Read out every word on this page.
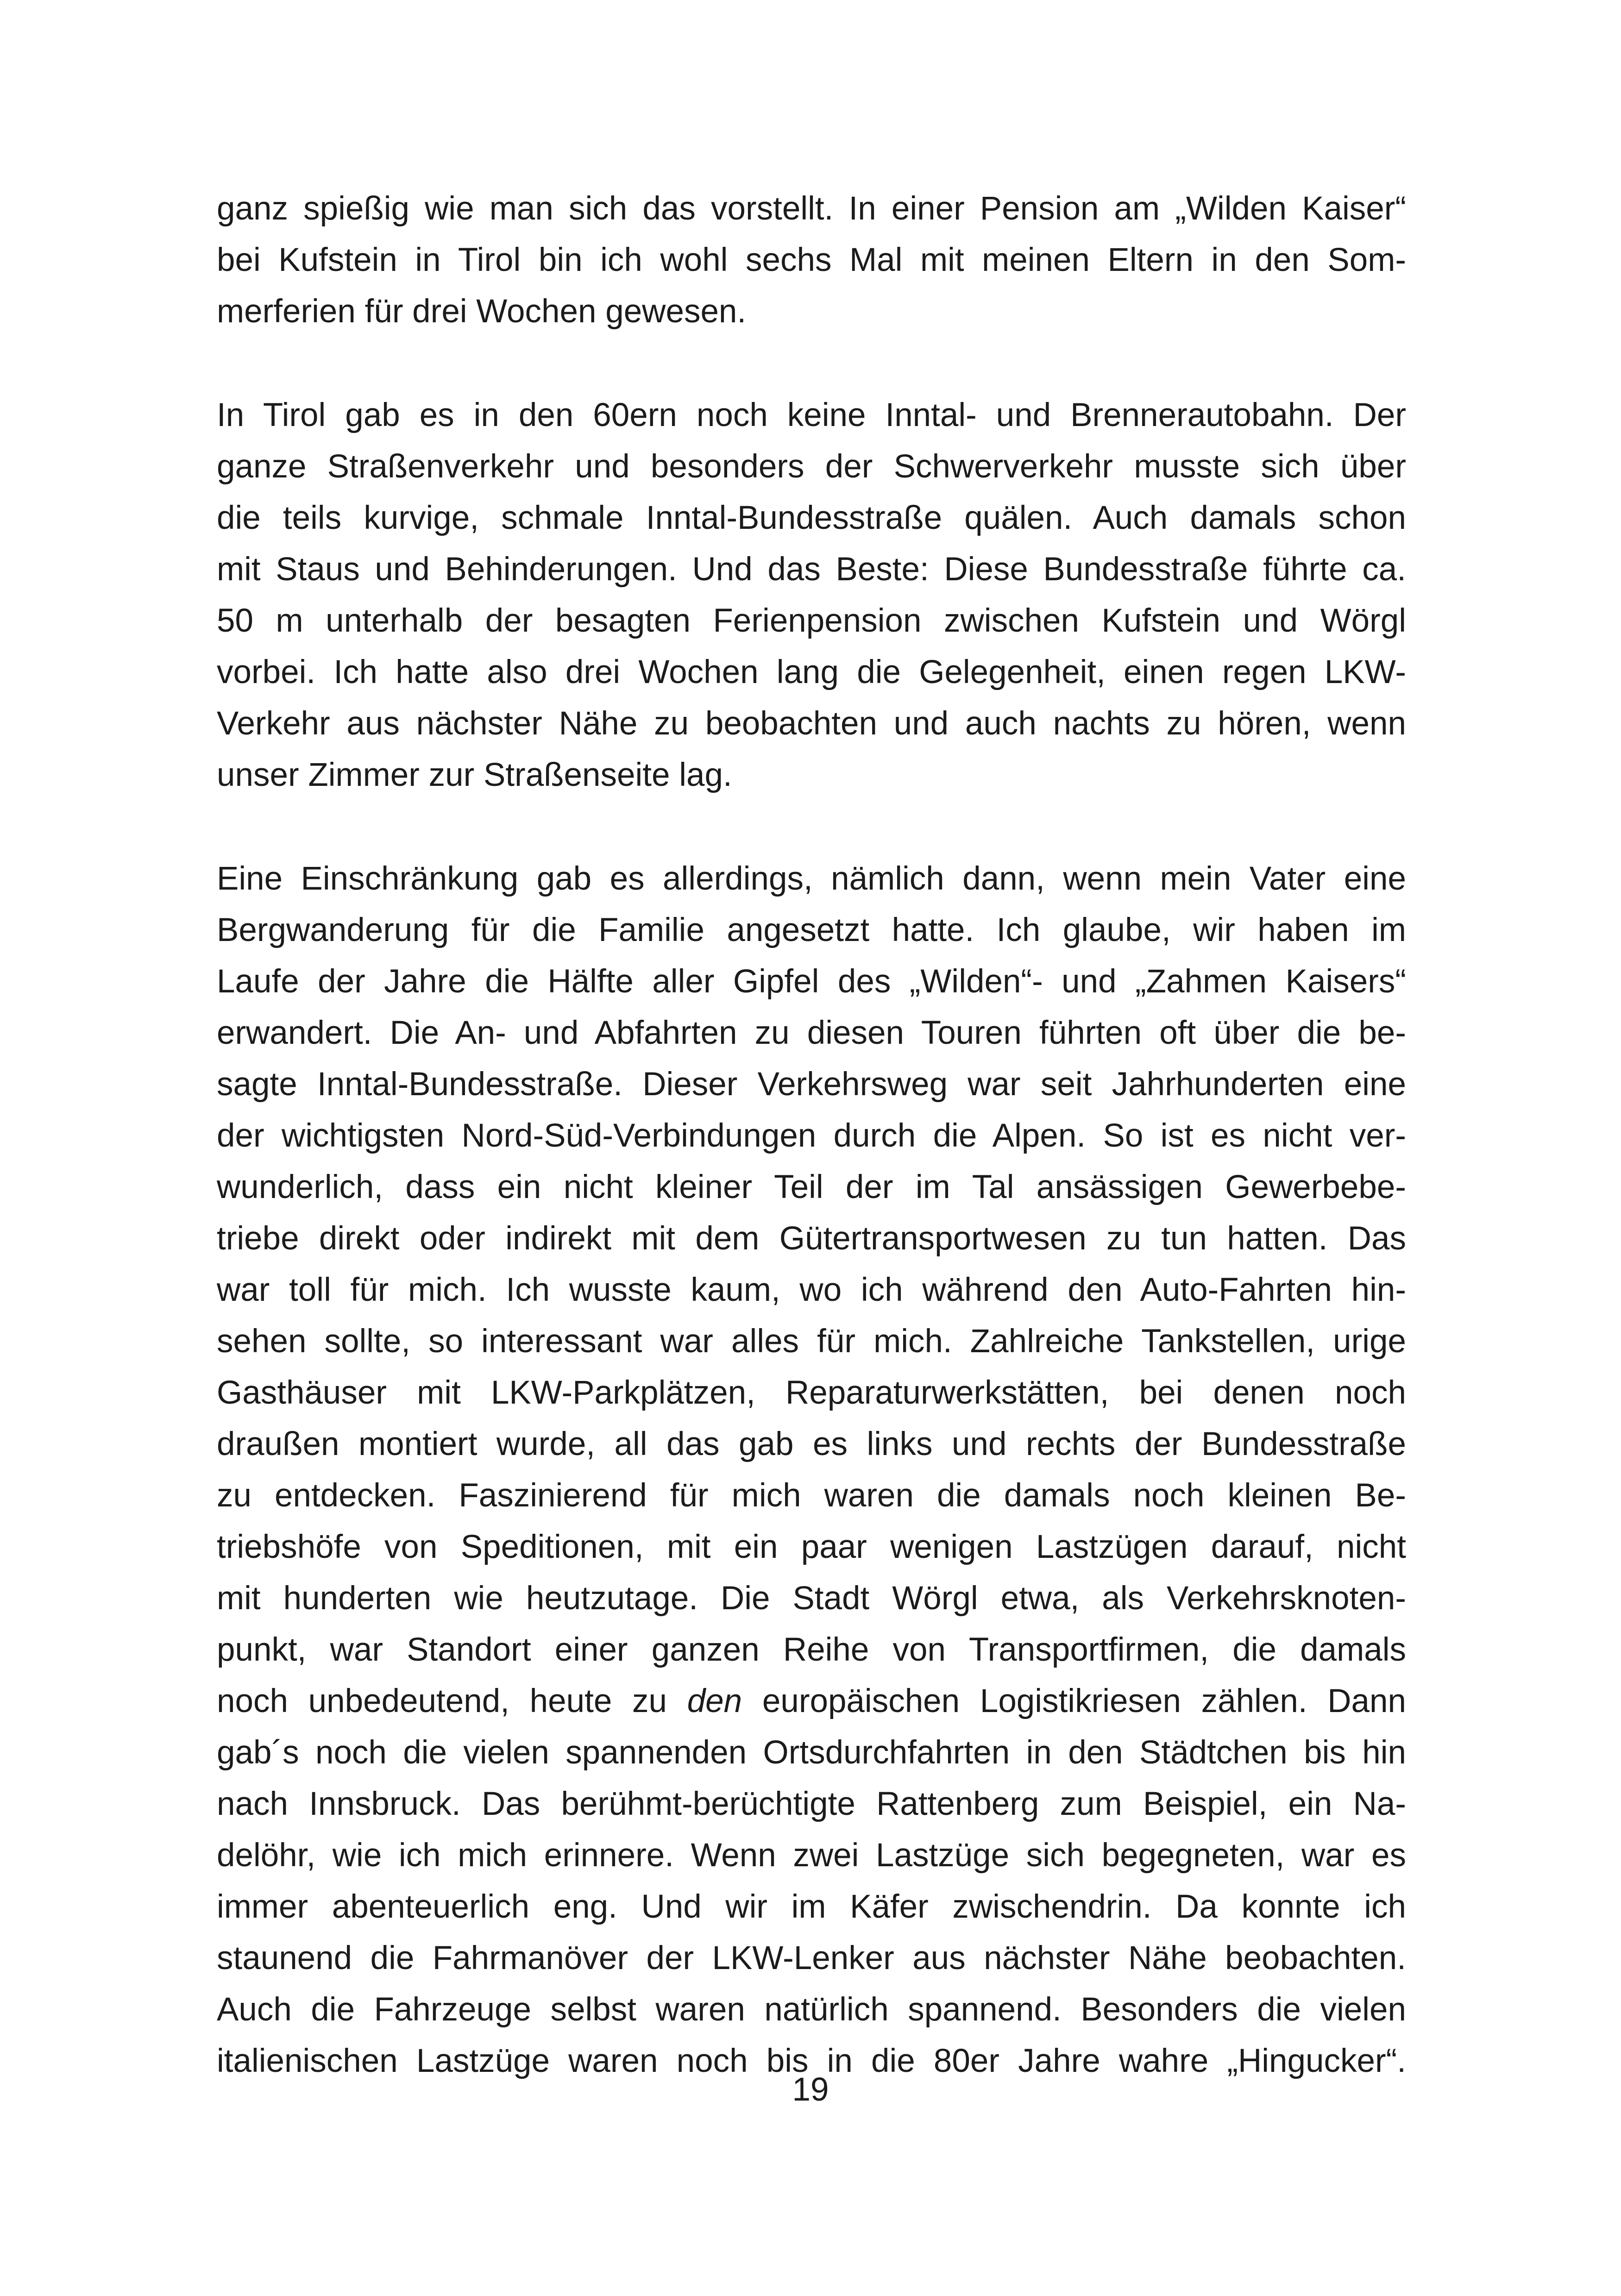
ganz spießig wie man sich das vorstellt. In einer Pension am „Wilden Kaiser“
bei Kufstein in Tirol bin ich wohl sechs Mal mit meinen Eltern in den Som-
merferien für drei Wochen gewesen.
In Tirol gab es in den 60ern noch keine Inntal- und Brennerautobahn. Der
ganze Straßenverkehr und besonders der Schwerverkehr musste sich über
die teils kurvige, schmale Inntal-Bundesstraße quälen. Auch damals schon
mit Staus und Behinderungen. Und das Beste: Diese Bundesstraße führte ca.
50 m unterhalb der besagten Ferienpension zwischen Kufstein und Wörgl
vorbei. Ich hatte also drei Wochen lang die Gelegenheit, einen regen LKW-
Verkehr aus nächster Nähe zu beobachten und auch nachts zu hören, wenn
unser Zimmer zur Straßenseite lag.
Eine Einschränkung gab es allerdings, nämlich dann, wenn mein Vater eine
Bergwanderung für die Familie angesetzt hatte. Ich glaube, wir haben im
Laufe der Jahre die Hälfte aller Gipfel des „Wilden“- und „Zahmen Kaisers“
erwandert. Die An- und Abfahrten zu diesen Touren führten oft über die be-
sagte Inntal-Bundesstraße. Dieser Verkehrsweg war seit Jahrhunderten eine
der wichtigsten Nord-Süd-Verbindungen durch die Alpen. So ist es nicht ver-
wunderlich, dass ein nicht kleiner Teil der im Tal ansässigen Gewerbebe-
triebe direkt oder indirekt mit dem Gütertransportwesen zu tun hatten. Das
war toll für mich. Ich wusste kaum, wo ich während den Auto-Fahrten hin-
sehen sollte, so interessant war alles für mich. Zahlreiche Tankstellen, urige
Gasthäuser mit LKW-Parkplätzen, Reparaturwerkstätten, bei denen noch
draußen montiert wurde, all das gab es links und rechts der Bundesstraße
zu entdecken. Faszinierend für mich waren die damals noch kleinen Be-
triebshöfe von Speditionen, mit ein paar wenigen Lastzügen darauf, nicht
mit hunderten wie heutzutage. Die Stadt Wörgl etwa, als Verkehrsknoten-
punkt, war Standort einer ganzen Reihe von Transportfirmen, die damals
noch unbedeutend, heute zu den europäischen Logistikriesen zählen. Dann
gab´s noch die vielen spannenden Ortsdurchfahrten in den Städtchen bis hin
nach Innsbruck. Das berühmt-berüchtigte Rattenberg zum Beispiel, ein Na-
delöhr, wie ich mich erinnere. Wenn zwei Lastzüge sich begegneten, war es
immer abenteuerlich eng. Und wir im Käfer zwischendrin. Da konnte ich
staunend die Fahrmanöver der LKW-Lenker aus nächster Nähe beobachten.
Auch die Fahrzeuge selbst waren natürlich spannend. Besonders die vielen
italienischen Lastzüge waren noch bis in die 80er Jahre wahre „Hingucker“.
19
